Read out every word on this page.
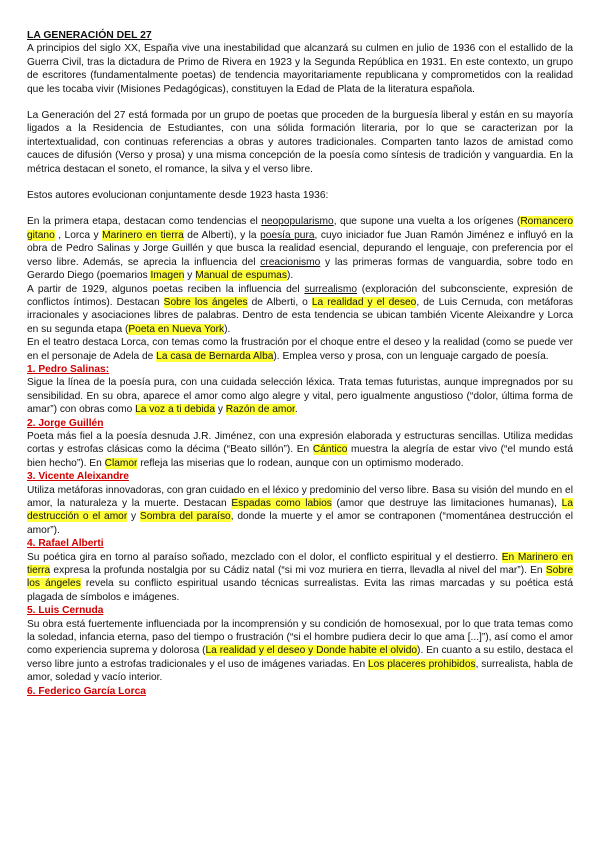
LA GENERACIÓN DEL 27

A principios del siglo XX, España vive una inestabilidad que alcanzará su culmen en julio de 1936 con el estallido de la Guerra Civil, tras la dictadura de Primo de Rivera en 1923 y la Segunda República en 1931. En este contexto, un grupo de escritores (fundamentalmente poetas) de tendencia mayoritariamente republicana y comprometidos con la realidad que les tocaba vivir (Misiones Pedagógicas), constituyen la Edad de Plata de la literatura española.

La Generación del 27 está formada por un grupo de poetas que proceden de la burguesía liberal y están en su mayoría ligados a la Residencia de Estudiantes, con una sólida formación literaria, por lo que se caracterizan por la intertextualidad, con continuas referencias a obras y autores tradicionales. Comparten tanto lazos de amistad como cauces de difusión (Verso y prosa) y una misma concepción de la poesía como síntesis de tradición y vanguardia. En la métrica destacan el soneto, el romance, la silva y el verso libre.

Estos autores evolucionan conjuntamente desde 1923 hasta 1936:

En la primera etapa, destacan como tendencias el neopopularismo, que supone una vuelta a los orígenes (Romancero gitano , Lorca y Marinero en tierra de Alberti), y la poesía pura, cuyo iniciador fue Juan Ramón Jiménez e influyó en la obra de Pedro Salinas y Jorge Guillén y que busca la realidad esencial, depurando el lenguaje, con preferencia por el verso libre. Además, se aprecia la influencia del creacionismo y las primeras formas de vanguardia, sobre todo en Gerardo Diego (poemarios Imagen y Manual de espumas).

A partir de 1929, algunos poetas reciben la influencia del surrealismo (exploración del subconsciente, expresión de conflictos íntimos). Destacan Sobre los ángeles de Alberti, o La realidad y el deseo, de Luis Cernuda, con metáforas irracionales y asociaciones libres de palabras. Dentro de esta tendencia se ubican también Vicente Aleixandre y Lorca en su segunda etapa (Poeta en Nueva York).

En el teatro destaca Lorca, con temas como la frustración por el choque entre el deseo y la realidad (como se puede ver en el personaje de Adela de La casa de Bernarda Alba). Emplea verso y prosa, con un lenguaje cargado de poesía.

1. Pedro Salinas:

Sigue la línea de la poesía pura, con una cuidada selección léxica. Trata temas futuristas, aunque impregnados por su sensibilidad. En su obra, aparece el amor como algo alegre y vital, pero igualmente angustioso (“dolor, última forma de amar”) con obras como La voz a ti debida y Razón de amor.

2. Jorge Guillén

Poeta más fiel a la poesía desnuda J.R. Jiménez, con una expresión elaborada y estructuras sencillas. Utiliza medidas cortas y estrofas clásicas como la décima (“Beato sillón”). En Cántico muestra la alegría de estar vivo (“el mundo está bien hecho”). En Clamor refleja las miserias que lo rodean, aunque con un optimismo moderado.

3. Vicente Aleixandre

Utiliza metáforas innovadoras, con gran cuidado en el léxico y predominio del verso libre. Basa su visión del mundo en el amor, la naturaleza y la muerte. Destacan Espadas como labios (amor que destruye las limitaciones humanas), La destrucción o el amor y Sombra del paraíso, donde la muerte y el amor se contraponen (“momentánea destrucción el amor”).

4. Rafael Alberti

Su poética gira en torno al paraíso soñado, mezclado con el dolor, el conflicto espiritual y el destierro. En Marinero en tierra expresa la profunda nostalgia por su Cádiz natal (“si mi voz muriera en tierra, llevadla al nivel del mar”). En Sobre los ángeles revela su conflicto espiritual usando técnicas surrealistas. Evita las rimas marcadas y su poética está plagada de símbolos e imágenes.

5. Luis Cernuda

Su obra está fuertemente influenciada por la incomprensión y su condición de homosexual, por lo que trata temas como la soledad, infancia eterna, paso del tiempo o frustración (“si el hombre pudiera decir lo que ama [...]”), así como el amor como experiencia suprema y dolorosa (La realidad y el deseo y Donde habite el olvido). En cuanto a su estilo, destaca el verso libre junto a estrofas tradicionales y el uso de imágenes variadas. En Los placeres prohibidos, surrealista, habla de amor, soledad y vacío interior.

6. Federico García Lorca
